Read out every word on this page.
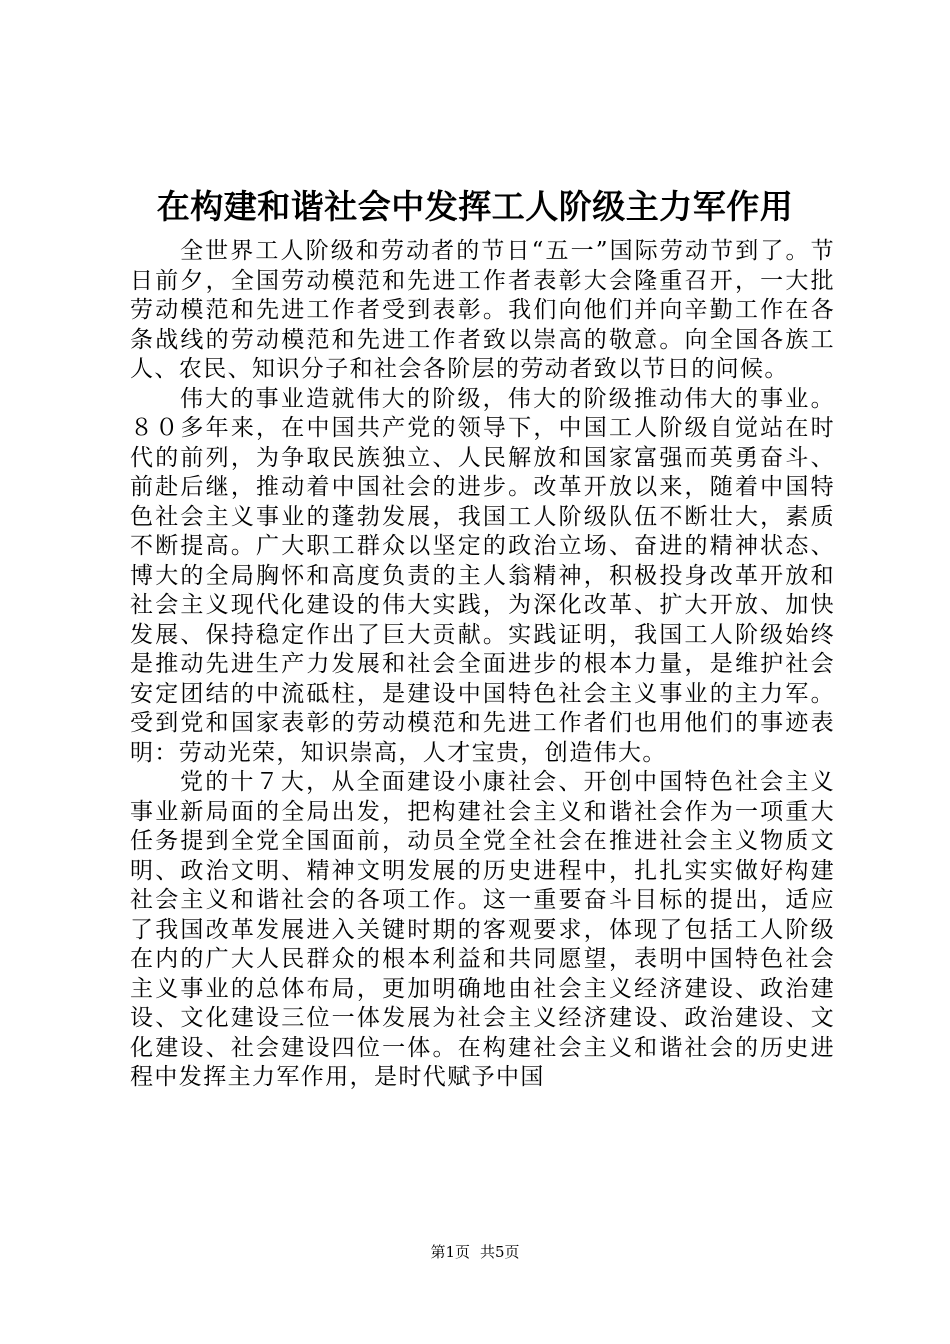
在构建和谐社会中发挥工人阶级主力军作用

全世界工人阶级和劳动者的节日“五一”国际劳动节到了。节日前夕，全国劳动模范和先进工作者表彰大会隆重召开，一大批劳动模范和先进工作者受到表彰。我们向他们并向辛勤工作在各条战线的劳动模范和先进工作者致以崇高的敬意。向全国各族工人、农民、知识分子和社会各阶层的劳动者致以节日的问候。

伟大的事业造就伟大的阶级，伟大的阶级推动伟大的事业。８０多年来，在中国共产党的领导下，中国工人阶级自觉站在时代的前列，为争取民族独立、人民解放和国家富强而英勇奋斗、前赴后继，推动着中国社会的进步。改革开放以来，随着中国特色社会主义事业的蓬勃发展，我国工人阶级队伍不断壮大，素质不断提高。广大职工群众以坚定的政治立场、奋进的精神状态、博大的全局胸怀和高度负责的主人翁精神，积极投身改革开放和社会主义现代化建设的伟大实践，为深化改革、扩大开放、加快发展、保持稳定作出了巨大贡献。实践证明，我国工人阶级始终是推动先进生产力发展和社会全面进步的根本力量，是维护社会安定团结的中流砥柱，是建设中国特色社会主义事业的主力军。受到党和国家表彰的劳动模范和先进工作者们也用他们的事迹表明：劳动光荣，知识崇高，人才宝贵，创造伟大。

党的十７大，从全面建设小康社会、开创中国特色社会主义事业新局面的全局出发，把构建社会主义和谐社会作为一项重大任务提到全党全国面前，动员全党全社会在推进社会主义物质文明、政治文明、精神文明发展的历史进程中，扎扎实实做好构建社会主义和谐社会的各项工作。这一重要奋斗目标的提出，适应了我国改革发展进入关键时期的客观要求，体现了包括工人阶级在内的广大人民群众的根本利益和共同愿望，表明中国特色社会主义事业的总体布局，更加明确地由社会主义经济建设、政治建设、文化建设三位一体发展为社会主义经济建设、政治建设、文化建设、社会建设四位一体。在构建社会主义和谐社会的历史进程中发挥主力军作用，是时代赋予中国

第1页 共5页
